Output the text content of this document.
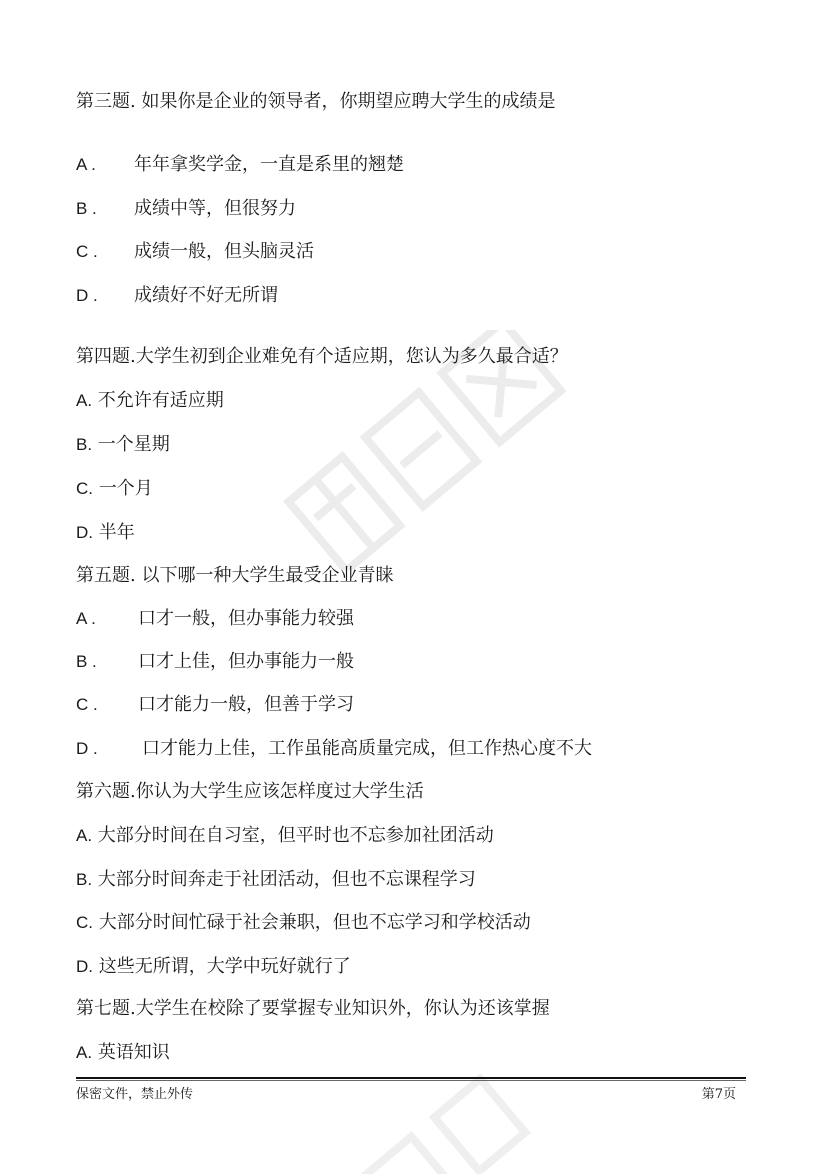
第三题. 如果你是企业的领导者，你期望应聘大学生的成绩是
A . 年年拿奖学金，一直是系里的翘楚
B . 成绩中等，但很努力
C . 成绩一般，但头脑灵活
D . 成绩好不好无所谓
第四题.大学生初到企业难免有个适应期，您认为多久最合适？
A. 不允许有适应期
B. 一个星期
C. 一个月
D. 半年
第五题. 以下哪一种大学生最受企业青睐
A . 口才一般，但办事能力较强
B . 口才上佳，但办事能力一般
C . 口才能力一般，但善于学习
D . 口才能力上佳，工作虽能高质量完成，但工作热心度不大
第六题.你认为大学生应该怎样度过大学生活
A. 大部分时间在自习室，但平时也不忘参加社团活动
B. 大部分时间奔走于社团活动，但也不忘课程学习
C. 大部分时间忙碌于社会兼职，但也不忘学习和学校活动
D. 这些无所谓，大学中玩好就行了
第七题.大学生在校除了要掌握专业知识外，你认为还该掌握
A. 英语知识
保密文件，禁止外传	第7页
